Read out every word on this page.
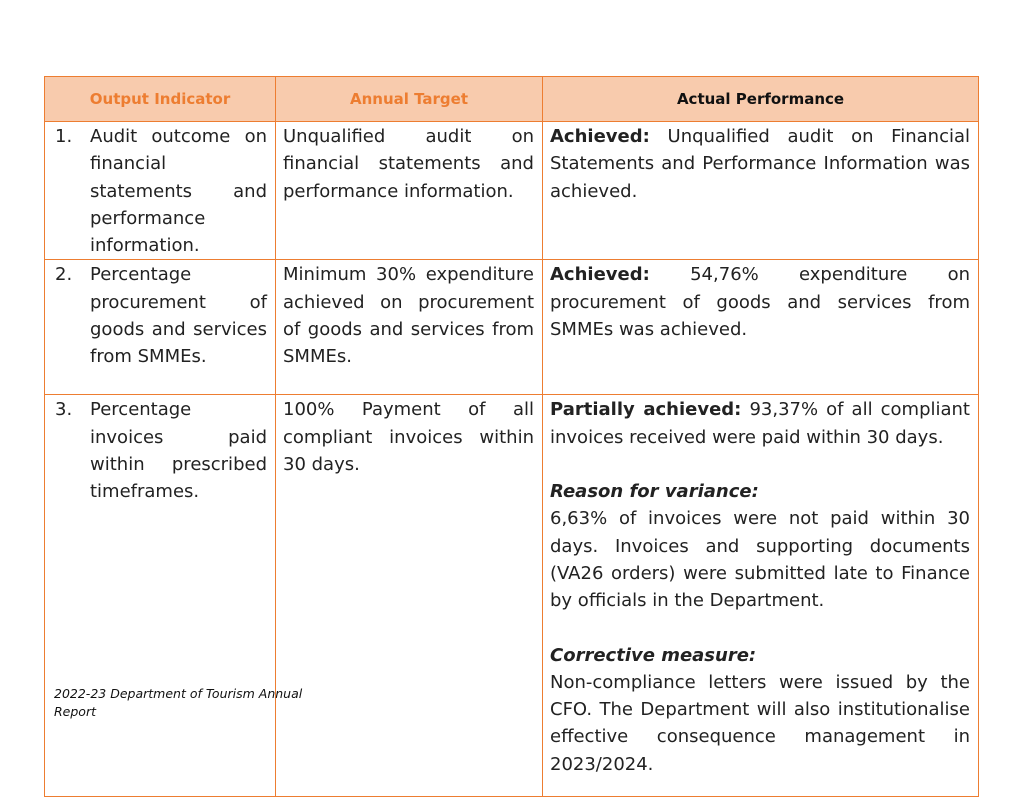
Output Indicator	Annual Target	Actual Performance

1. Audit outcome on financial statements and performance information.	Unqualified audit on financial statements and performance information.	Achieved: Unqualified audit on Financial Statements and Performance Information was achieved.

2. Percentage procurement of goods and services from SMMEs.	Minimum 30% expenditure achieved on procurement of goods and services from SMMEs.	Achieved: 54,76% expenditure on procurement of goods and services from SMMEs was achieved.

3. Percentage invoices paid within prescribed timeframes.	100% Payment of all compliant invoices within 30 days.	Partially achieved: 93,37% of all compliant invoices received were paid within 30 days.
Reason for variance:
6,63% of invoices were not paid within 30 days. Invoices and supporting documents (VA26 orders) were submitted late to Finance by officials in the Department.
Corrective measure:
Non-compliance letters were issued by the CFO. The Department will also institutionalise effective consequence management in 2023/2024.
2022-23 Department of Tourism Annual Report
